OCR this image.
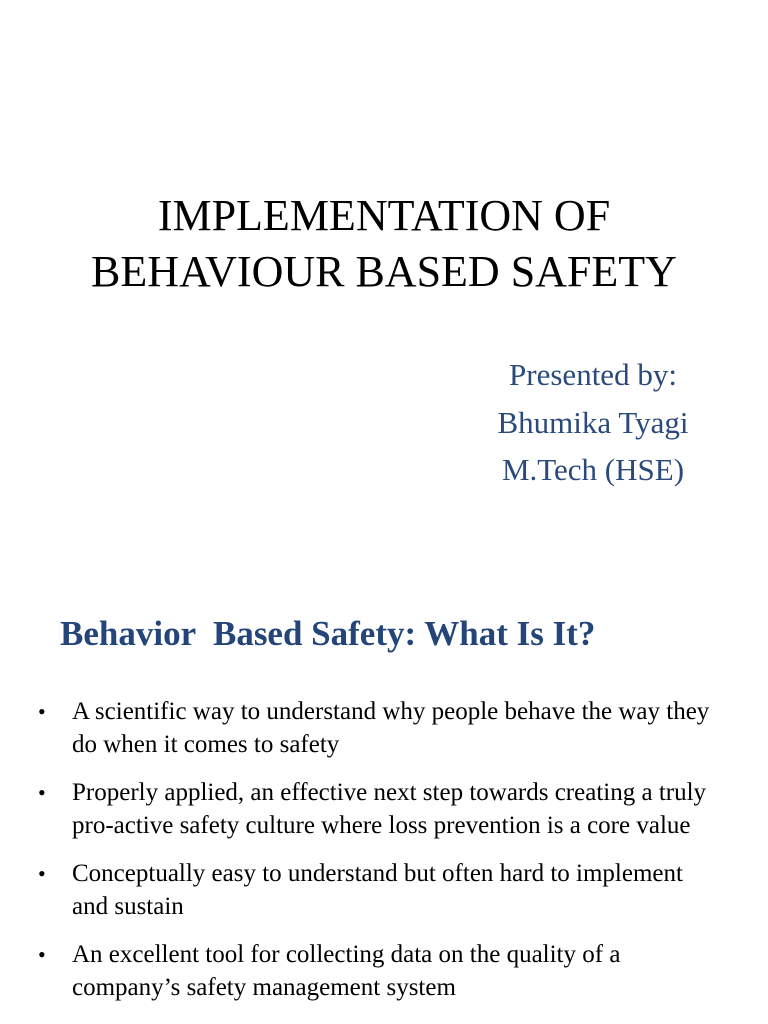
IMPLEMENTATION OF
BEHAVIOUR BASED SAFETY
Presented by:
Bhumika Tyagi
M.Tech (HSE)
Behavior  Based Safety: What Is It?
• A scientific way to understand why people behave the way they do when it comes to safety
• Properly applied, an effective next step towards creating a truly pro-active safety culture where loss prevention is a core value
• Conceptually easy to understand but often hard to implement and sustain
• An excellent tool for collecting data on the quality of a company’s safety management system
